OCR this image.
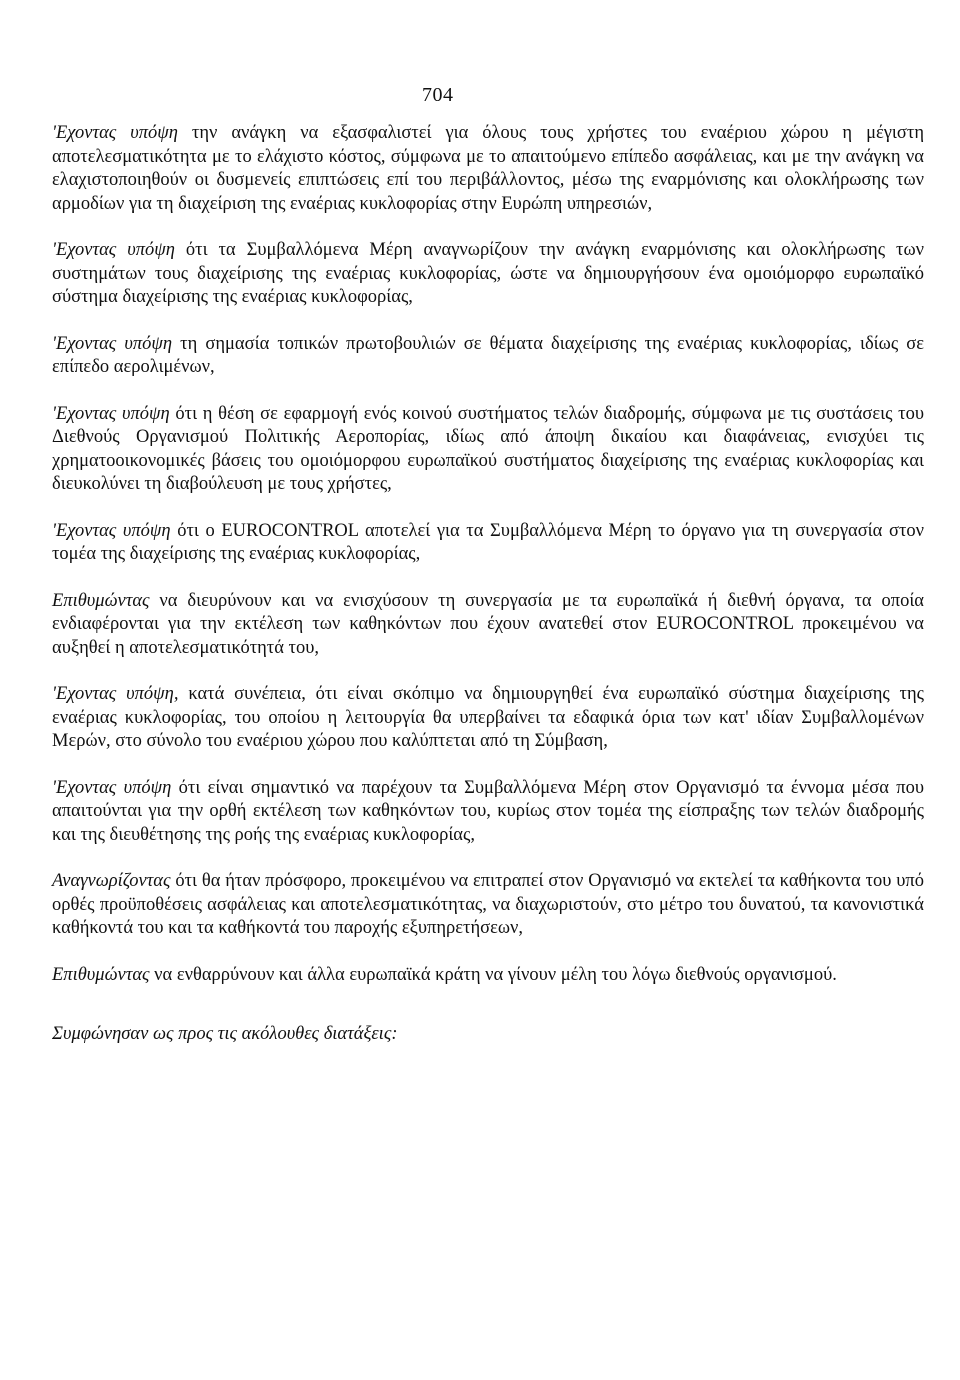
704

'Εχοντας υπόψη την ανάγκη να εξασφαλιστεί για όλους τους χρήστες του εναέριου χώρου η μέγιστη αποτελεσματικότητα με το ελάχιστο κόστος, σύμφωνα με το απαιτούμενο επίπεδο ασφάλειας, και με την ανάγκη να ελαχιστοποιηθούν οι δυσμενείς επιπτώσεις επί του περιβάλλοντος, μέσω της εναρμόνισης και ολοκλήρωσης των αρμοδίων για τη διαχείριση της εναέριας κυκλοφορίας στην Ευρώπη υπηρεσιών,

'Εχοντας υπόψη ότι τα Συμβαλλόμενα Μέρη αναγνωρίζουν την ανάγκη εναρμόνισης και ολοκλήρωσης των συστημάτων τους διαχείρισης της εναέριας κυκλοφορίας, ώστε να δημιουργήσουν ένα ομοιόμορφο ευρωπαϊκό σύστημα διαχείρισης της εναέριας κυκλοφορίας,

'Εχοντας υπόψη τη σημασία τοπικών πρωτοβουλιών σε θέματα διαχείρισης της εναέριας κυκλοφορίας, ιδίως σε επίπεδο αερολιμένων,

'Εχοντας υπόψη ότι η θέση σε εφαρμογή ενός κοινού συστήματος τελών διαδρομής, σύμφωνα με τις συστάσεις του Διεθνούς Οργανισμού Πολιτικής Αεροπορίας, ιδίως από άποψη δικαίου και διαφάνειας, ενισχύει τις χρηματοοικονομικές βάσεις του ομοιόμορφου ευρωπαϊκού συστήματος διαχείρισης της εναέριας κυκλοφορίας και διευκολύνει τη διαβούλευση με τους χρήστες,

'Εχοντας υπόψη ότι ο EUROCONTROL αποτελεί για τα Συμβαλλόμενα Μέρη το όργανο για τη συνεργασία στον τομέα της διαχείρισης της εναέριας κυκλοφορίας,

Επιθυμώντας να διευρύνουν και να ενισχύσουν τη συνεργασία με τα ευρωπαϊκά ή διεθνή όργανα, τα οποία ενδιαφέρονται για την εκτέλεση των καθηκόντων που έχουν ανατεθεί στον EUROCONTROL προκειμένου να αυξηθεί η αποτελεσματικότητά του,

'Εχοντας υπόψη, κατά συνέπεια, ότι είναι σκόπιμο να δημιουργηθεί ένα ευρωπαϊκό σύστημα διαχείρισης της εναέριας κυκλοφορίας, του οποίου η λειτουργία θα υπερβαίνει τα εδαφικά όρια των κατ' ιδίαν Συμβαλλομένων Μερών, στο σύνολο του εναέριου χώρου που καλύπτεται από τη Σύμβαση,

'Εχοντας υπόψη ότι είναι σημαντικό να παρέχουν τα Συμβαλλόμενα Μέρη στον Οργανισμό τα έννομα μέσα που απαιτούνται για την ορθή εκτέλεση των καθηκόντων του, κυρίως στον τομέα της είσπραξης των τελών διαδρομής και της διευθέτησης της ροής της εναέριας κυκλοφορίας,

Αναγνωρίζοντας ότι θα ήταν πρόσφορο, προκειμένου να επιτραπεί στον Οργανισμό να εκτελεί τα καθήκοντα του υπό ορθές προϋποθέσεις ασφάλειας και αποτελεσματικότητας, να διαχωριστούν, στο μέτρο του δυνατού, τα κανονιστικά καθήκοντά του και τα καθήκοντά του παροχής εξυπηρετήσεων,

Επιθυμώντας να ενθαρρύνουν και άλλα ευρωπαϊκά κράτη να γίνουν μέλη του λόγω διεθνούς οργανισμού.

Συμφώνησαν ως προς τις ακόλουθες διατάξεις:
